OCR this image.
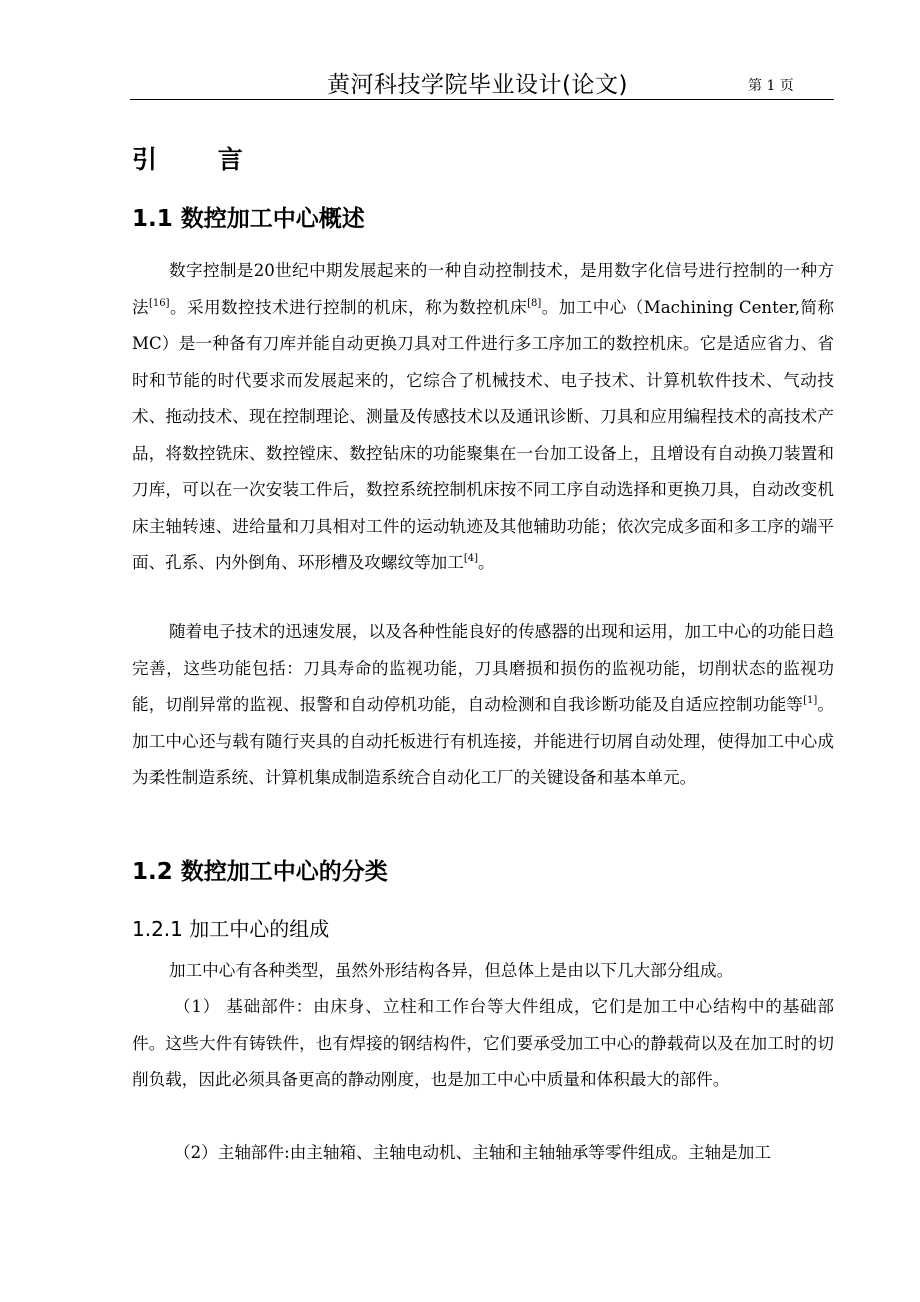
黄河科技学院毕业设计(论文)	第 1 页
引 言
1.1 数控加工中心概述

数字控制是20世纪中期发展起来的一种自动控制技术，是用数字化信号进行控制的一种方法[16]。采用数控技术进行控制的机床，称为数控机床[8]。加工中心（Machining Center,简称MC）是一种备有刀库并能自动更换刀具对工件进行多工序加工的数控机床。它是适应省力、省时和节能的时代要求而发展起来的，它综合了机械技术、电子技术、计算机软件技术、气动技术、拖动技术、现在控制理论、测量及传感技术以及通讯诊断、刀具和应用编程技术的高技术产品，将数控铣床、数控镗床、数控钻床的功能聚集在一台加工设备上，且增设有自动换刀装置和刀库，可以在一次安装工件后，数控系统控制机床按不同工序自动选择和更换刀具，自动改变机床主轴转速、进给量和刀具相对工件的运动轨迹及其他辅助功能；依次完成多面和多工序的端平面、孔系、内外倒角、环形槽及攻螺纹等加工[4]。

随着电子技术的迅速发展，以及各种性能良好的传感器的出现和运用，加工中心的功能日趋完善，这些功能包括：刀具寿命的监视功能，刀具磨损和损伤的监视功能，切削状态的监视功能，切削异常的监视、报警和自动停机功能，自动检测和自我诊断功能及自适应控制功能等[1]。加工中心还与载有随行夹具的自动托板进行有机连接，并能进行切屑自动处理，使得加工中心成为柔性制造系统、计算机集成制造系统合自动化工厂的关键设备和基本单元。

1.2 数控加工中心的分类
1.2.1 加工中心的组成

加工中心有各种类型，虽然外形结构各异，但总体上是由以下几大部分组成。

（1） 基础部件：由床身、立柱和工作台等大件组成，它们是加工中心结构中的基础部件。这些大件有铸铁件，也有焊接的钢结构件，它们要承受加工中心的静载荷以及在加工时的切削负载，因此必须具备更高的静动刚度，也是加工中心中质量和体积最大的部件。

（2）主轴部件:由主轴箱、主轴电动机、主轴和主轴轴承等零件组成。主轴是加工
